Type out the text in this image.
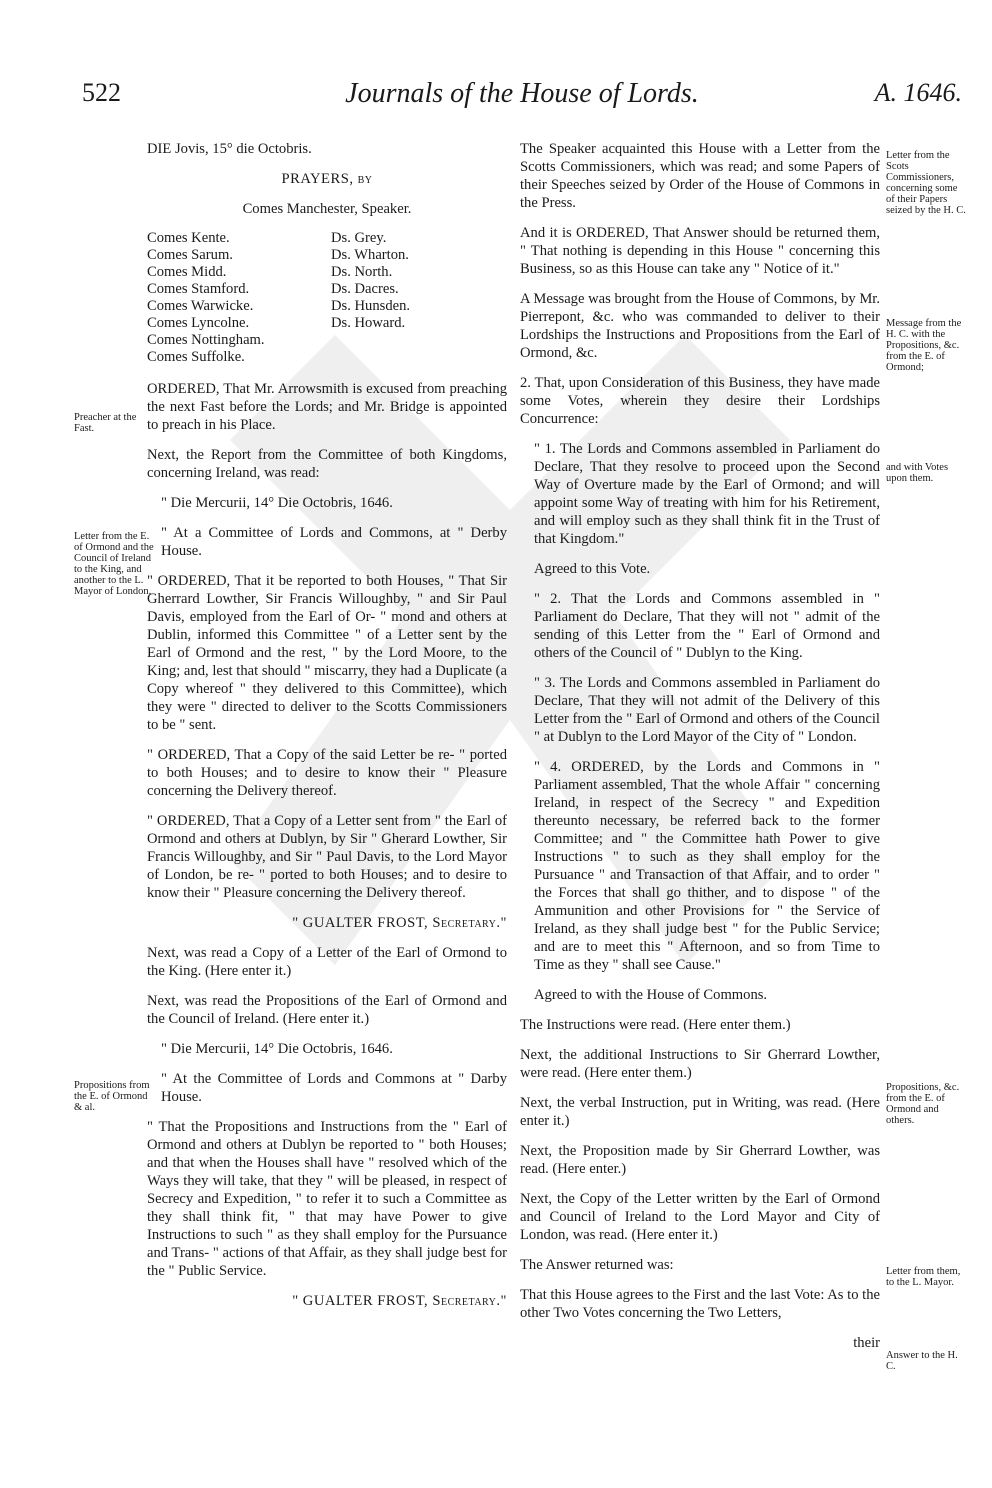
522	Journals of the House of Lords.	A. 1646.

DIE Jovis, 15° die Octobris.

PRAYERS, by

Comes Manchester, Speaker.

Comes Kente.
Comes Sarum.
Comes Midd.
Comes Stamford.
Comes Warwicke.
Comes Lyncolne.
Comes Nottingham.
Comes Suffolke.
Ds. Grey.
Ds. Wharton.
Ds. North.
Ds. Dacres.
Ds. Hunsden.
Ds. Howard.

ORDERED, That Mr. Arrowsmith is excused from preaching the next Fast before the Lords; and Mr. Bridge is appointed to preach in his Place.

Next, the Report from the Committee of both Kingdoms, concerning Ireland, was read:

" Die Mercurii, 14° Die Octobris, 1646.

" At a Committee of Lords and Commons, at " Derby House.

" ORDERED, That it be reported to both Houses, " That Sir Gherrard Lowther, Sir Francis Willoughby, " and Sir Paul Davis, employed from the Earl of Or- " mond and others at Dublin, informed this Committee " of a Letter sent by the Earl of Ormond and the rest, " by the Lord Moore, to the King; and, lest that should " miscarry, they had a Duplicate (a Copy whereof " they delivered to this Committee), which they were " directed to deliver to the Scotts Commissioners to be " sent.

" ORDERED, That a Copy of the said Letter be re- " ported to both Houses; and to desire to know their " Pleasure concerning the Delivery thereof.

" ORDERED, That a Copy of a Letter sent from " the Earl of Ormond and others at Dublyn, by Sir " Gherard Lowther, Sir Francis Willoughby, and Sir " Paul Davis, to the Lord Mayor of London, be re- " ported to both Houses; and to desire to know their " Pleasure concerning the Delivery thereof.

" GUALTER FROST, Secretary."

Next, was read a Copy of a Letter of the Earl of Ormond to the King. (Here enter it.)

Next, was read the Propositions of the Earl of Ormond and the Council of Ireland. (Here enter it.)

" Die Mercurii, 14° Die Octobris, 1646.

" At the Committee of Lords and Commons at " Darby House.

" That the Propositions and Instructions from the " Earl of Ormond and others at Dublyn be reported to " both Houses; and that when the Houses shall have " resolved which of the Ways they will take, that they " will be pleased, in respect of Secrecy and Expedition, " to refer it to such a Committee as they shall think fit, " that may have Power to give Instructions to such " as they shall employ for the Pursuance and Trans- " actions of that Affair, as they shall judge best for the " Public Service.

" GUALTER FROST, Secretary."

The Speaker acquainted this House with a Letter from the Scotts Commissioners, which was read; and some Papers of their Speeches seized by Order of the House of Commons in the Press.

And it is ORDERED, That Answer should be returned them, " That nothing is depending in this House " concerning this Business, so as this House can take any " Notice of it."

A Message was brought from the House of Commons, by Mr. Pierrepont, &c. who was commanded to deliver to their Lordships the Instructions and Propositions from the Earl of Ormond, &c.

2. That, upon Consideration of this Business, they have made some Votes, wherein they desire their Lordships Concurrence:

" 1. The Lords and Commons assembled in Parliament do Declare, That they resolve to proceed upon the Second Way of Overture made by the Earl of Ormond; and will appoint some Way of treating with him for his Retirement, and will employ such as they shall think fit in the Trust of that Kingdom."

Agreed to this Vote.

" 2. That the Lords and Commons assembled in " Parliament do Declare, That they will not " admit of the sending of this Letter from the " Earl of Ormond and others of the Council of " Dublyn to the King.

" 3. The Lords and Commons assembled in Parliament do Declare, That they will not admit of the Delivery of this Letter from the " Earl of Ormond and others of the Council " at Dublyn to the Lord Mayor of the City of " London.

" 4. ORDERED, by the Lords and Commons in " Parliament assembled, That the whole Affair " concerning Ireland, in respect of the Secrecy " and Expedition thereunto necessary, be referred back to the former Committee; and " the Committee hath Power to give Instructions " to such as they shall employ for the Pursuance " and Transaction of that Affair, and to order " the Forces that shall go thither, and to dispose " of the Ammunition and other Provisions for " the Service of Ireland, as they shall judge best " for the Public Service; and are to meet this " Afternoon, and so from Time to Time as they " shall see Cause."

Agreed to with the House of Commons.

The Instructions were read. (Here enter them.)

Next, the additional Instructions to Sir Gherrard Lowther, were read. (Here enter them.)

Next, the verbal Instruction, put in Writing, was read. (Here enter it.)

Next, the Proposition made by Sir Gherrard Lowther, was read. (Here enter.)

Next, the Copy of the Letter written by the Earl of Ormond and Council of Ireland to the Lord Mayor and City of London, was read. (Here enter it.)

The Answer returned was:

That this House agrees to the First and the last Vote: As to the other Two Votes concerning the Two Letters,

their

Preacher at the Fast.
Letter from the E. of Ormond and the Council of Ireland to the King, and another to the L. Mayor of London.
Propositions from the E. of Ormond & al.
Letter from the Scots Commissioners, concerning some of their Papers seized by the H. C.
Message from the H. C. with the Propositions, &c. from the E. of Ormond;
and with Votes upon them.
Propositions, &c. from the E. of Ormond and others.
Letter from them, to the L. Mayor.
Answer to the H. C.
